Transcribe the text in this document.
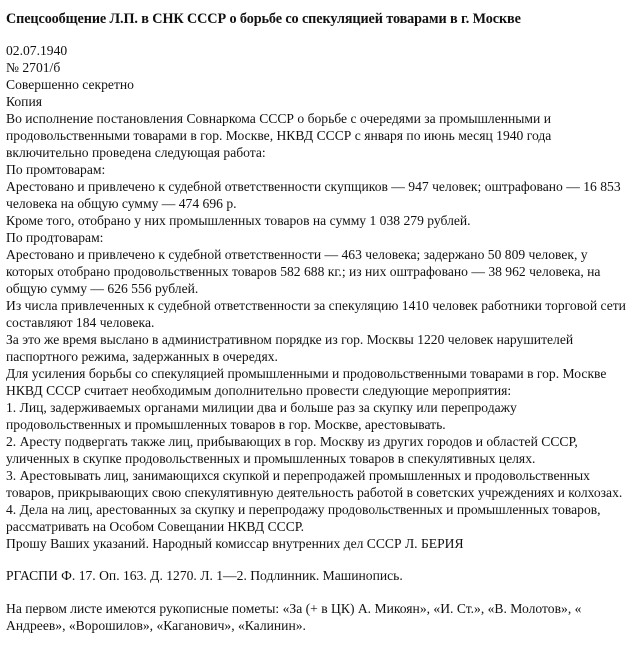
Спецсообщение Л.П. в СНК СССР о борьбе со спекуляцией товарами в г. Москве

02.07.1940

№ 2701/б

Совершенно секретно

Копия

Во исполнение постановления Совнаркома СССР о борьбе с очередями за промышленными и продовольственными товарами в гор. Москве, НКВД СССР с января по июнь месяц 1940 года включительно проведена следующая работа:

По промтоварам:

Арестовано и привлечено к судебной ответственности скупщиков — 947 человек; оштрафовано — 16 853 человека на общую сумму — 474 696 р.

Кроме того, отобрано у них промышленных товаров на сумму 1 038 279 рублей.

По продтоварам:

Арестовано и привлечено к судебной ответственности — 463 человека; задержано 50 809 человек, у которых отобрано продовольственных товаров 582 688 кг.; из них оштрафовано — 38 962 человека, на общую сумму — 626 556 рублей.

Из числа привлеченных к судебной ответственности за спекуляцию 1410 человек работники торговой сети составляют 184 человека.

За это же время выслано в административном порядке из гор. Москвы 1220 человек нарушителей паспортного режима, задержанных в очередях.

Для усиления борьбы со спекуляцией промышленными и продовольственными товарами в гор. Москве НКВД СССР считает необходимым дополнительно провести следующие мероприятия:

1. Лиц, задерживаемых органами милиции два и больше раз за скупку или перепродажу продовольственных и промышленных товаров в гор. Москве, арестовывать.

2. Аресту подвергать также лиц, прибывающих в гор. Москву из других городов и областей СССР, уличенных в скупке продовольственных и промышленных товаров в спекулятивных целях.

3. Арестовывать лиц, занимающихся скупкой и перепродажей промышленных и продовольственных товаров, прикрывающих свою спекулятивную деятельность работой в советских учреждениях и колхозах.

4. Дела на лиц, арестованных за скупку и перепродажу продовольственных и промышленных товаров, рассматривать на Особом Совещании НКВД СССР.

Прошу Ваших указаний. Народный комиссар внутренних дел СССР Л. БЕРИЯ

РГАСПИ Ф. 17. Оп. 163. Д. 1270. Л. 1—2. Подлинник. Машинопись.

На первом листе имеются рукописные пометы: «За (+ в ЦК) А. Микоян», «И. Ст.», «В. Молотов», « Андреев», «Ворошилов», «Каганович», «Калинин».
